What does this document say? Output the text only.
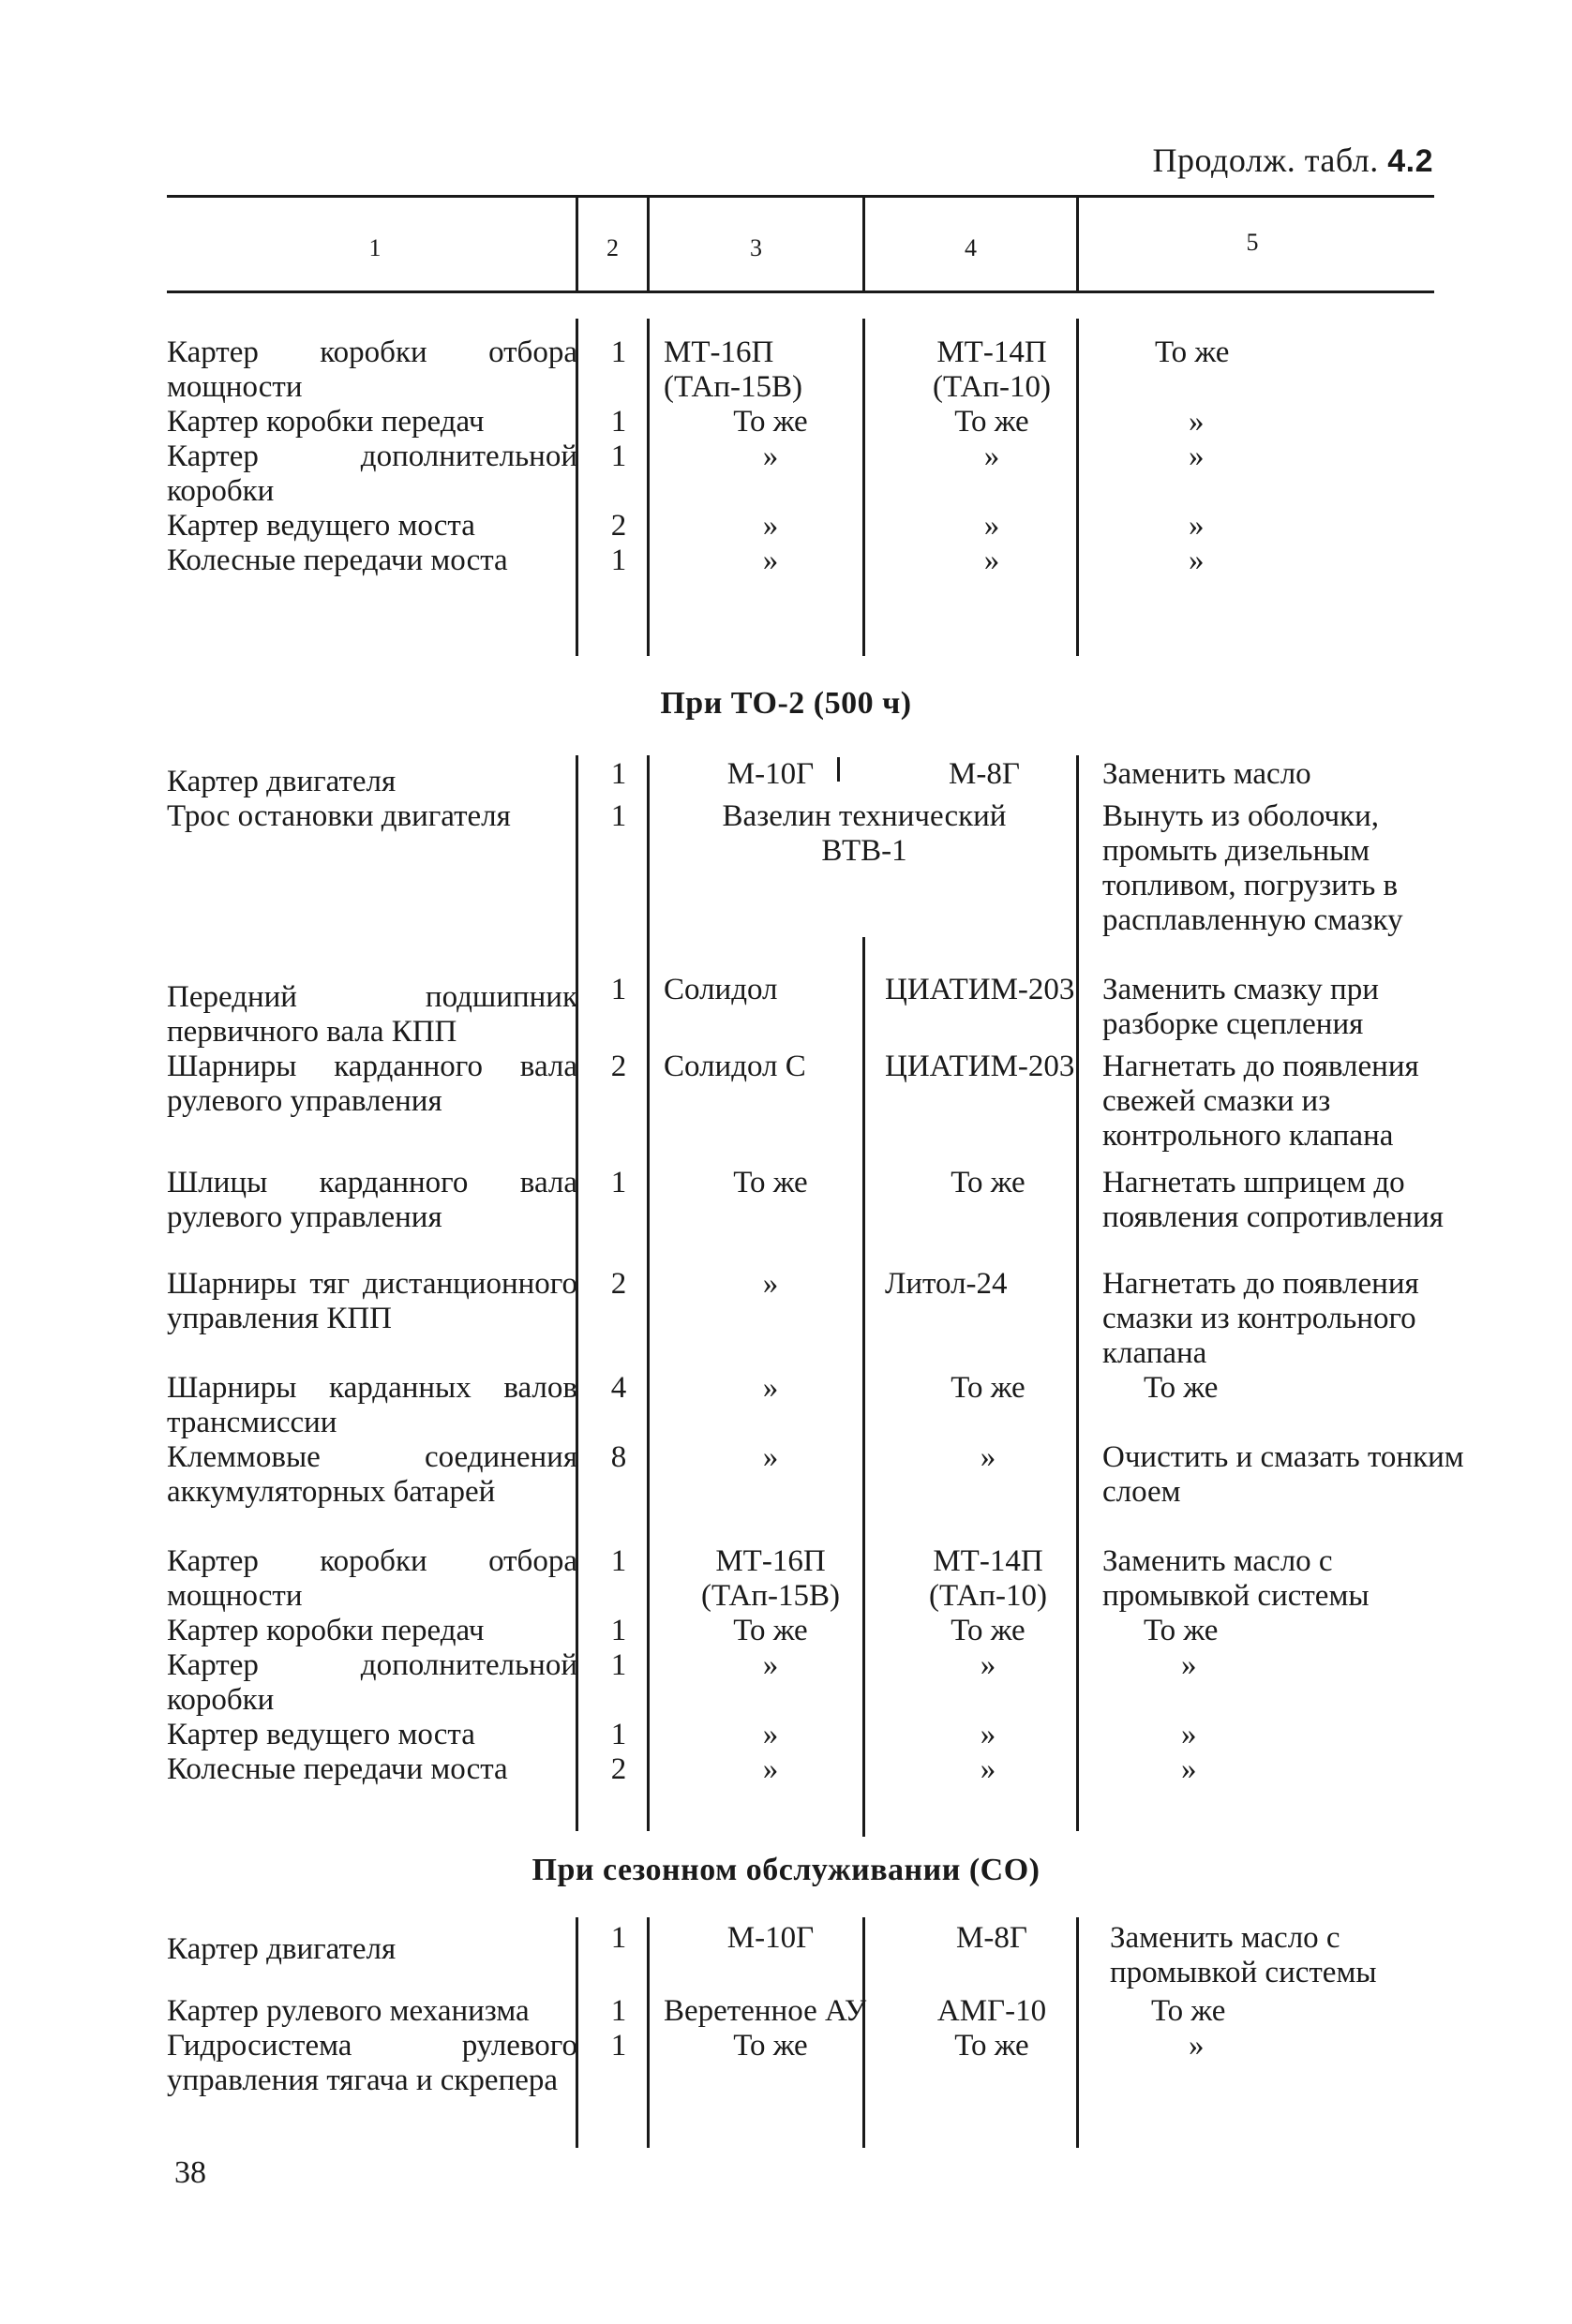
Продолж. табл. 4.2
1	2	3	4	5
Картер коробки отбора мощности	1	МТ-16П (ТАп-15В)	МТ-14П (ТАп-10)	То же
Картер коробки передач	1	То же	То же	»
Картер дополнительной коробки	1	»	»	»
Картер ведущего моста	2	»	»	»
Колесные передачи моста	1	»	»	»
При ТО-2 (500 ч)
Картер двигателя	1	М-10Г	М-8Г	Заменить масло
Трос остановки двигателя	1	Вазелин технический ВТВ-1		Вынуть из оболочки, промыть дизельным топливом, погрузить в расплавленную смазку
Передний подшипник первичного вала КПП	1	Солидол	ЦИАТИМ-203	Заменить смазку при разборке сцепления
Шарниры карданного вала рулевого управления	2	Солидол С	ЦИАТИМ-203	Нагнетать до появления свежей смазки из контрольного клапана
Шлицы карданного вала рулевого управления	1	То же	То же	Нагнетать шприцем до появления сопротивления
Шарниры тяг дистанционного управления КПП	2	»	Литол-24	Нагнетать до появления смазки из контрольного клапана
Шарниры карданных валов трансмиссии	4	»	То же	То же
Клеммовые соединения аккумуляторных батарей	8	»	»	Очистить и смазать тонким слоем
Картер коробки отбора мощности	1	МТ-16П (ТАп-15В)	МТ-14П (ТАп-10)	Заменить масло с промывкой системы
Картер коробки передач	1	То же	То же	То же
Картер дополнительной коробки	1	»	»	»
Картер ведущего моста	1	»	»	»
Колесные передачи моста	2	»	»	»
При сезонном обслуживании (СО)
Картер двигателя	1	М-10Г	М-8Г	Заменить масло с промывкой системы
Картер рулевого механизма	1	Веретенное АУ	АМГ-10	То же
Гидросистема рулевого управления тягача и скрепера	1	То же	То же	»
38
